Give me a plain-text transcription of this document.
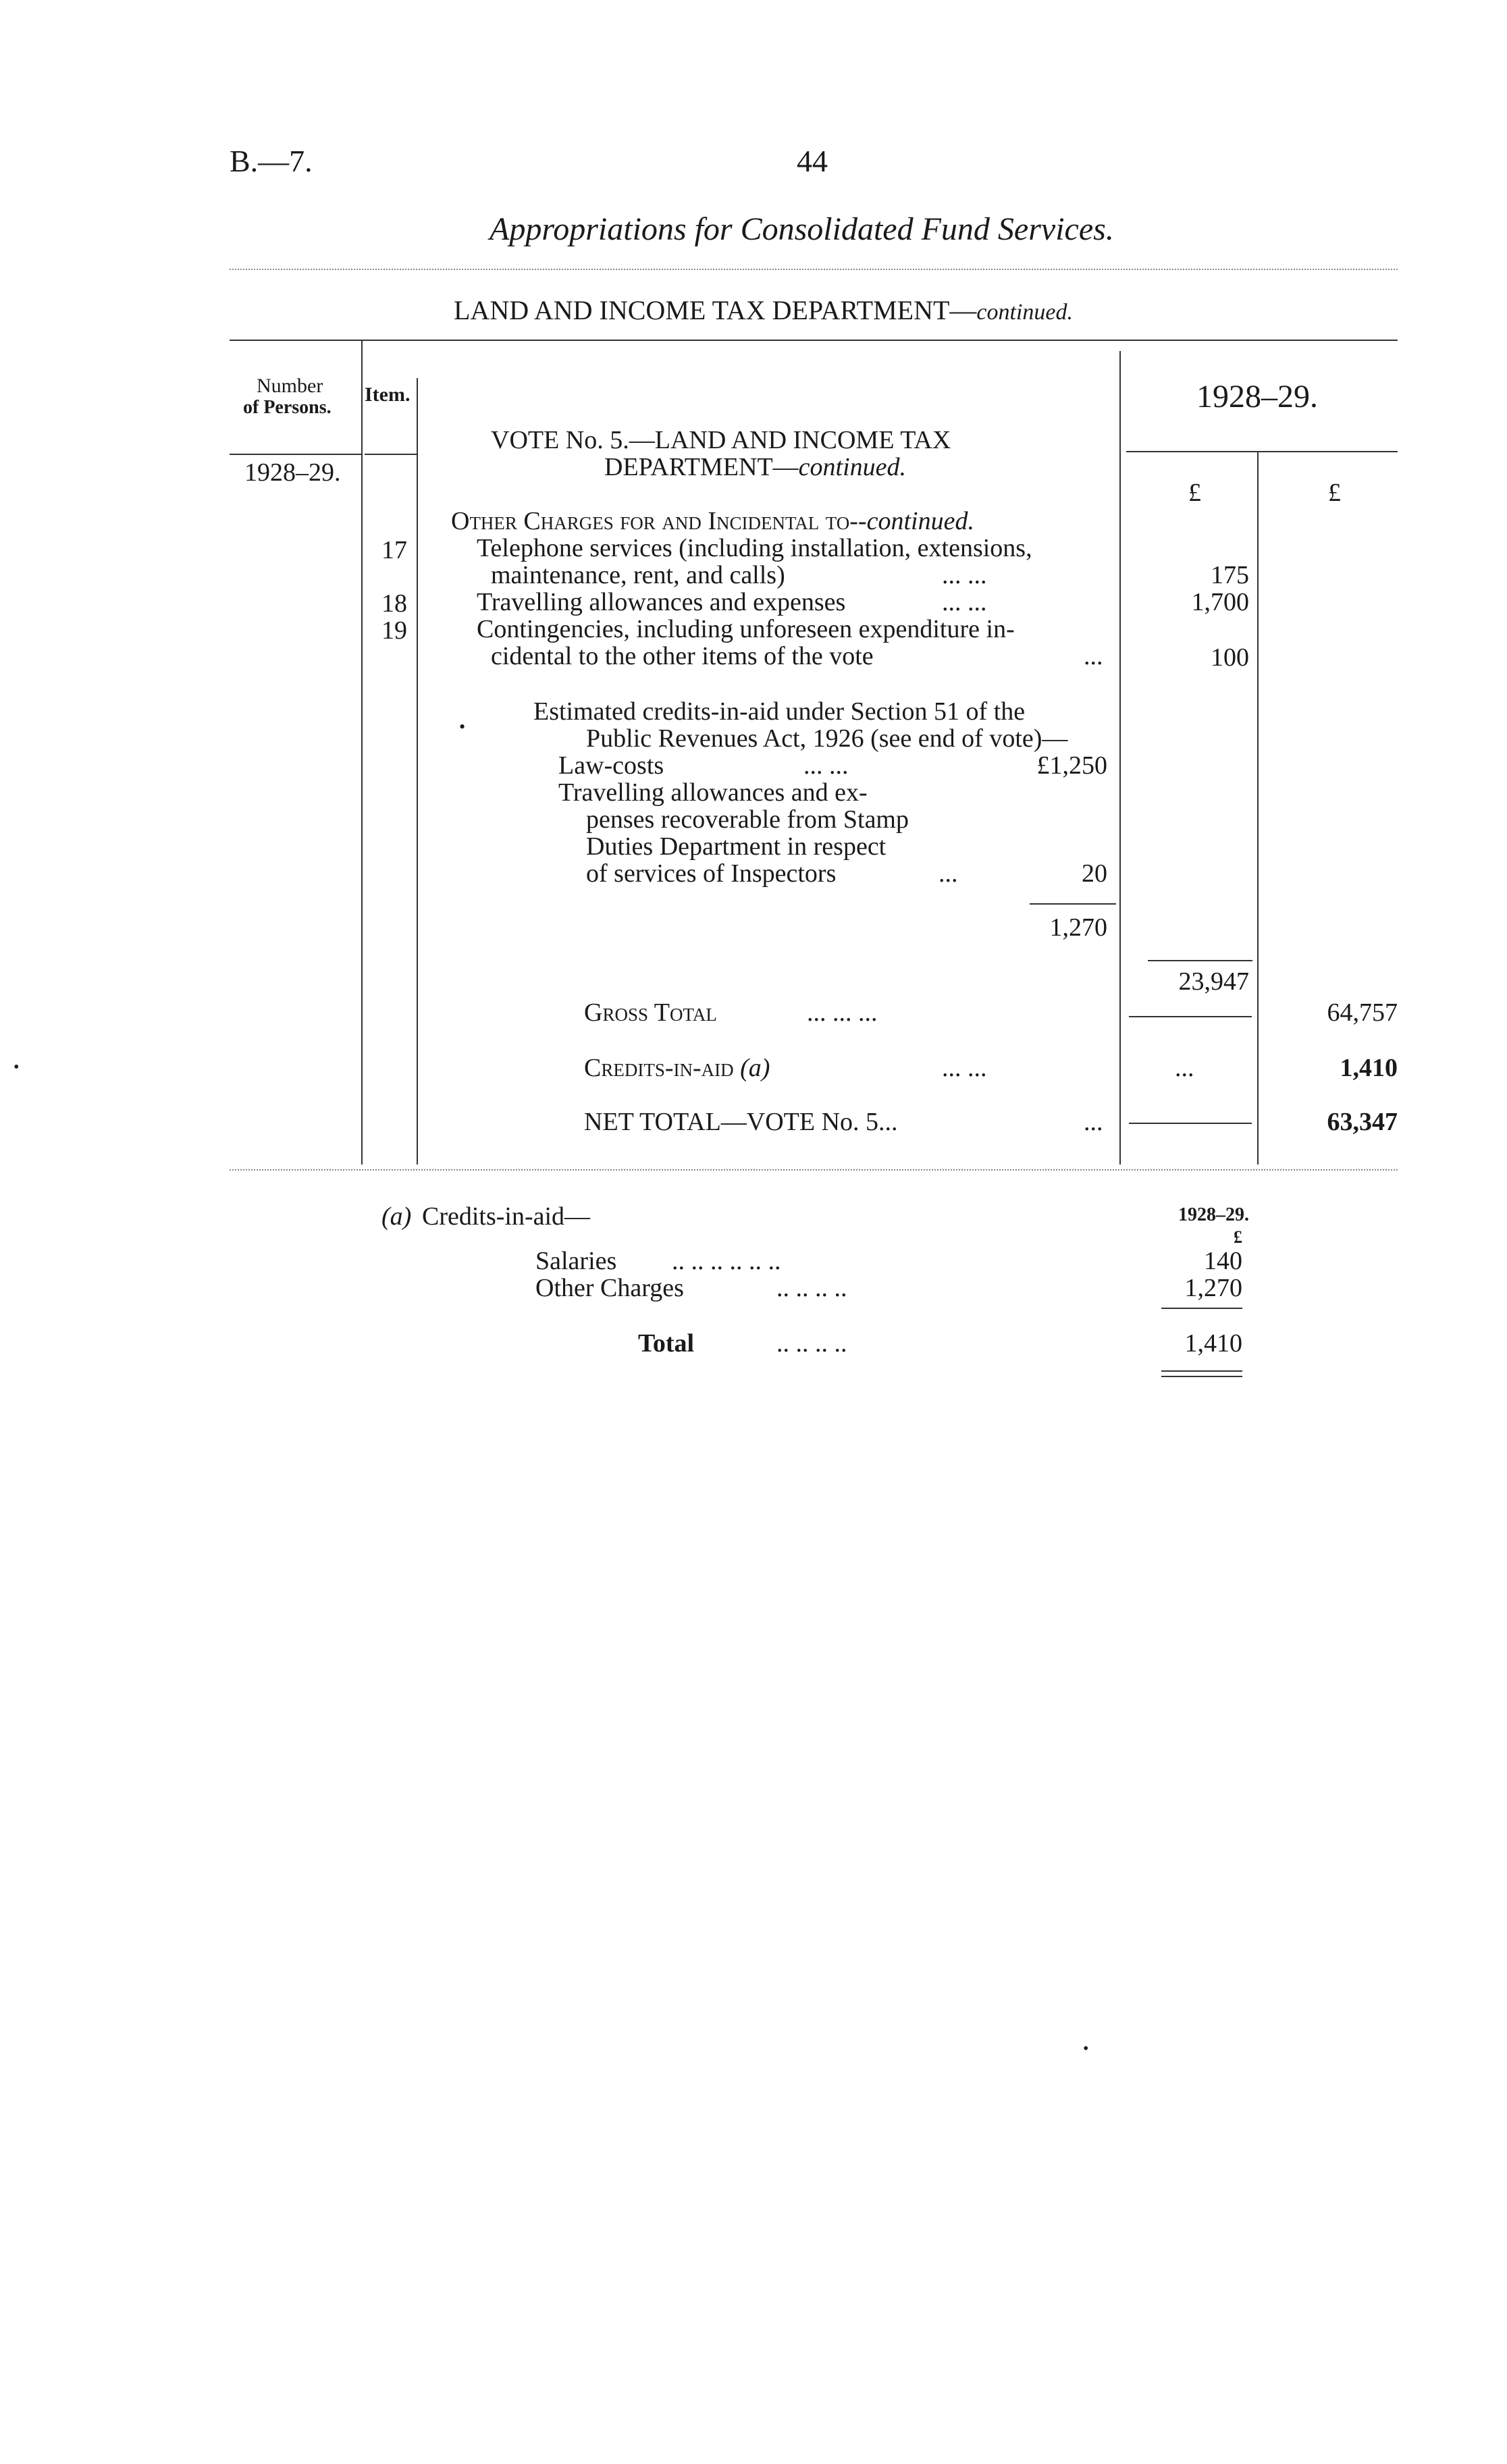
B.—7.	44
Appropriations for Consolidated Fund Services.
LAND AND INCOME TAX DEPARTMENT—continued.
Number
of Persons.
Item.	1928–29.
1928–29.
£	£
VOTE No. 5.—LAND AND INCOME TAX
DEPARTMENT—continued.
Other Charges for and Incidental to--continued.
17	Telephone services (including installation, extensions,
maintenance, rent, and calls)	... ...	175
18	Travelling allowances and expenses	... ...	1,700
19	Contingencies, including unforeseen expenditure in-
cidental to the other items of the vote	...	100
•
Estimated credits-in-aid under Section 51 of the
Public Revenues Act, 1926 (see end of vote)—
Law-costs	... ...	£1,250
Travelling allowances and ex-
penses recoverable from Stamp
Duties Department in respect
of services of Inspectors	...	20
1,270
23,947
Gross Total	... ... ...	64,757
Credits-in-aid (a)	... ...	...	1,410
NET TOTAL—VOTE No. 5...	...	63,347
(a) Credits-in-aid—	1928–29.
£
Salaries .. .. .. .. .. ..	140
Other Charges	.. .. .. ..	1,270
Total	.. .. .. ..	1,410
•
•
